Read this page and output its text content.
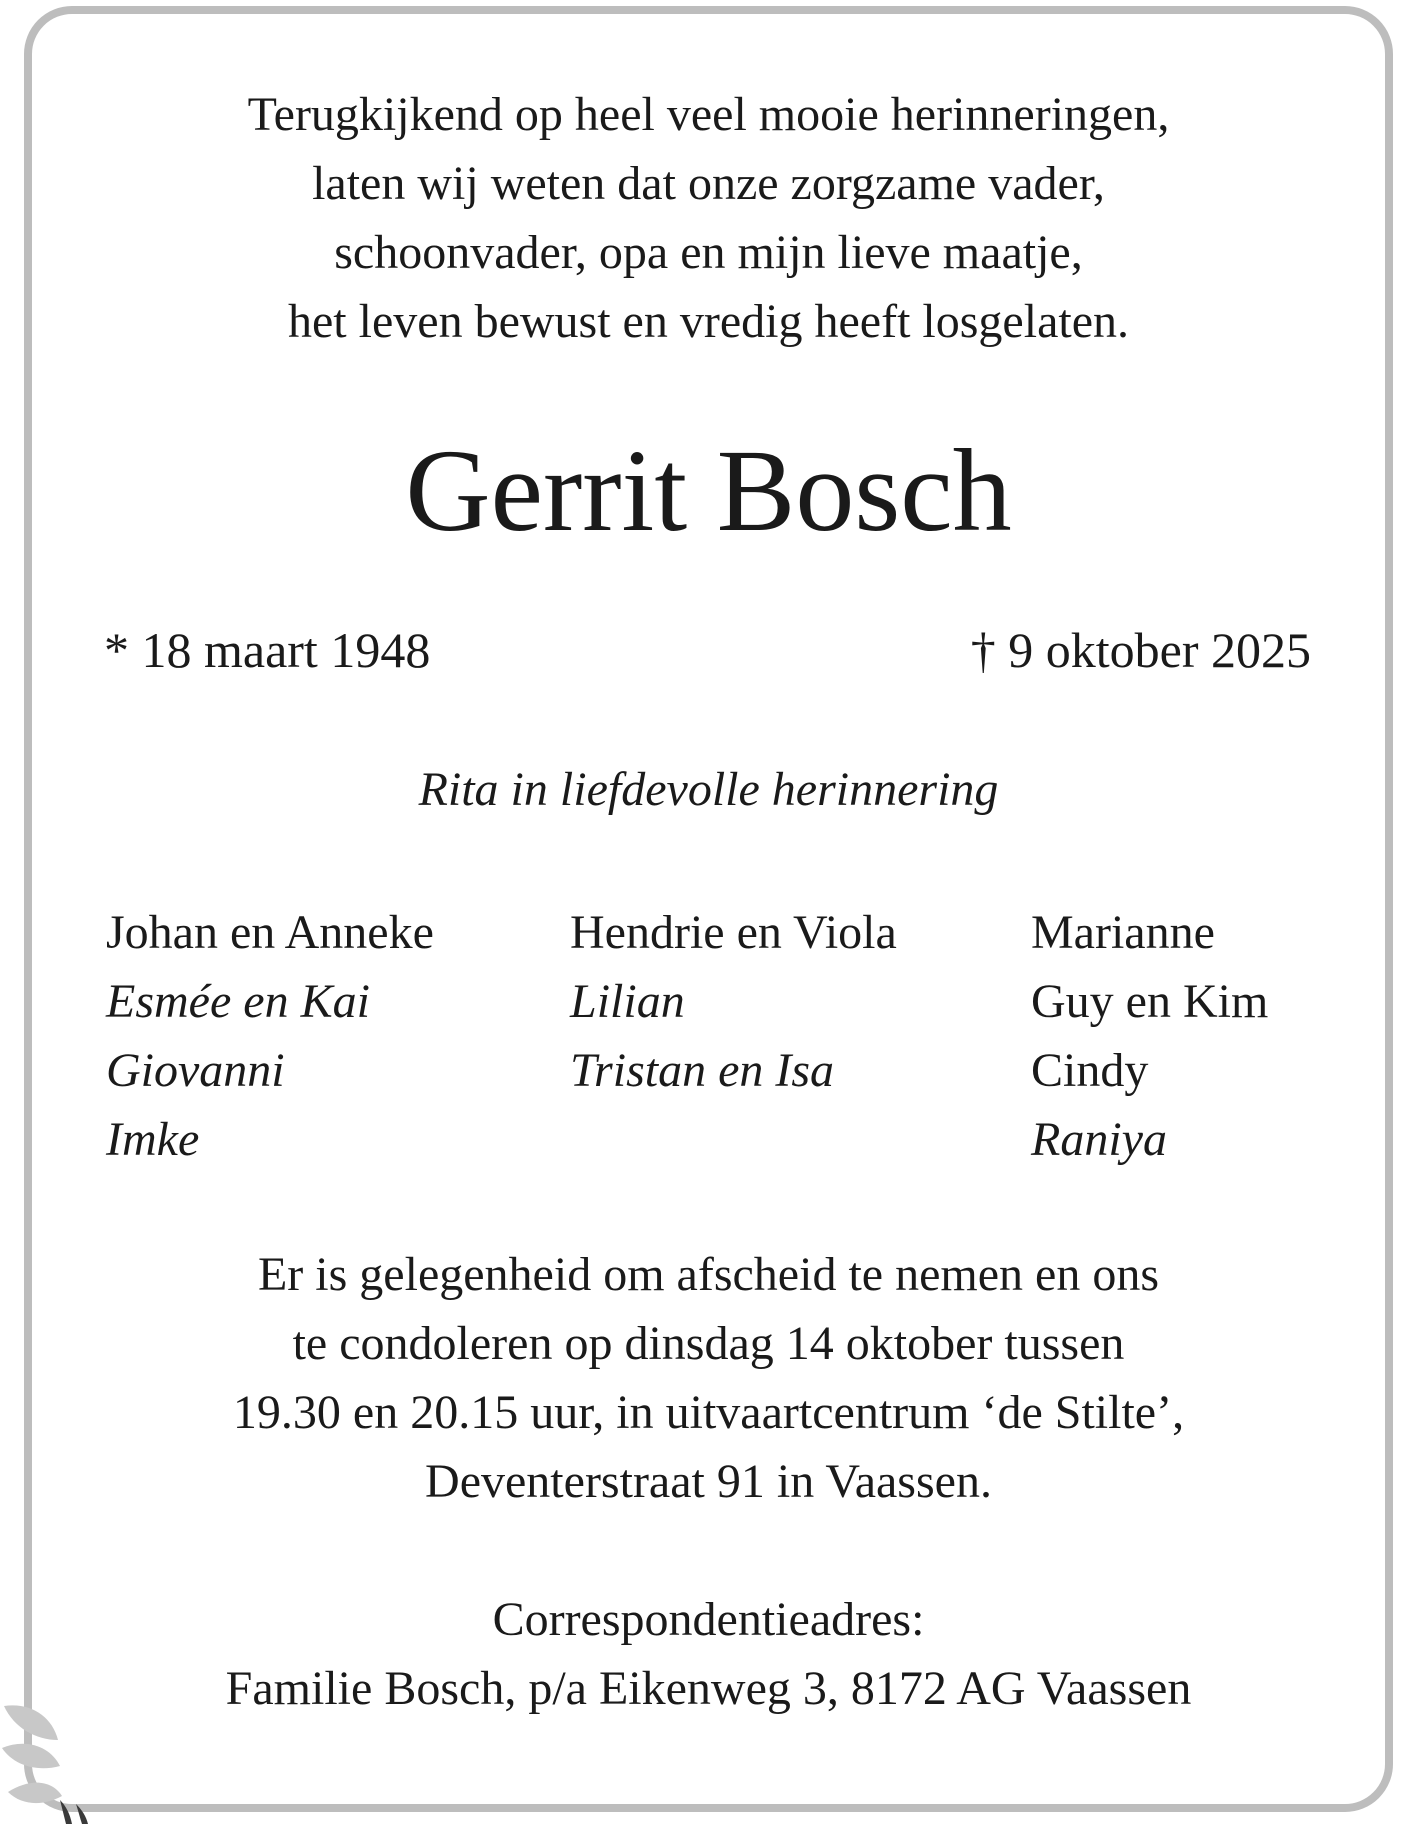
Terugkijkend op heel veel mooie herinneringen,
laten wij weten dat onze zorgzame vader,
schoonvader, opa en mijn lieve maatje,
het leven bewust en vredig heeft losgelaten.
Gerrit Bosch
* 18 maart 1948	† 9 oktober 2025
Rita in liefdevolle herinnering
Johan en Anneke
Esmée en Kai
Giovanni
Imke
Hendrie en Viola
Lilian
Tristan en Isa
Marianne
Guy en Kim
Cindy
Raniya
Er is gelegenheid om afscheid te nemen en ons
te condoleren op dinsdag 14 oktober tussen
19.30 en 20.15 uur, in uitvaartcentrum ‘de Stilte’,
Deventerstraat 91 in Vaassen.
Correspondentieadres:
Familie Bosch, p/a Eikenweg 3, 8172 AG Vaassen
